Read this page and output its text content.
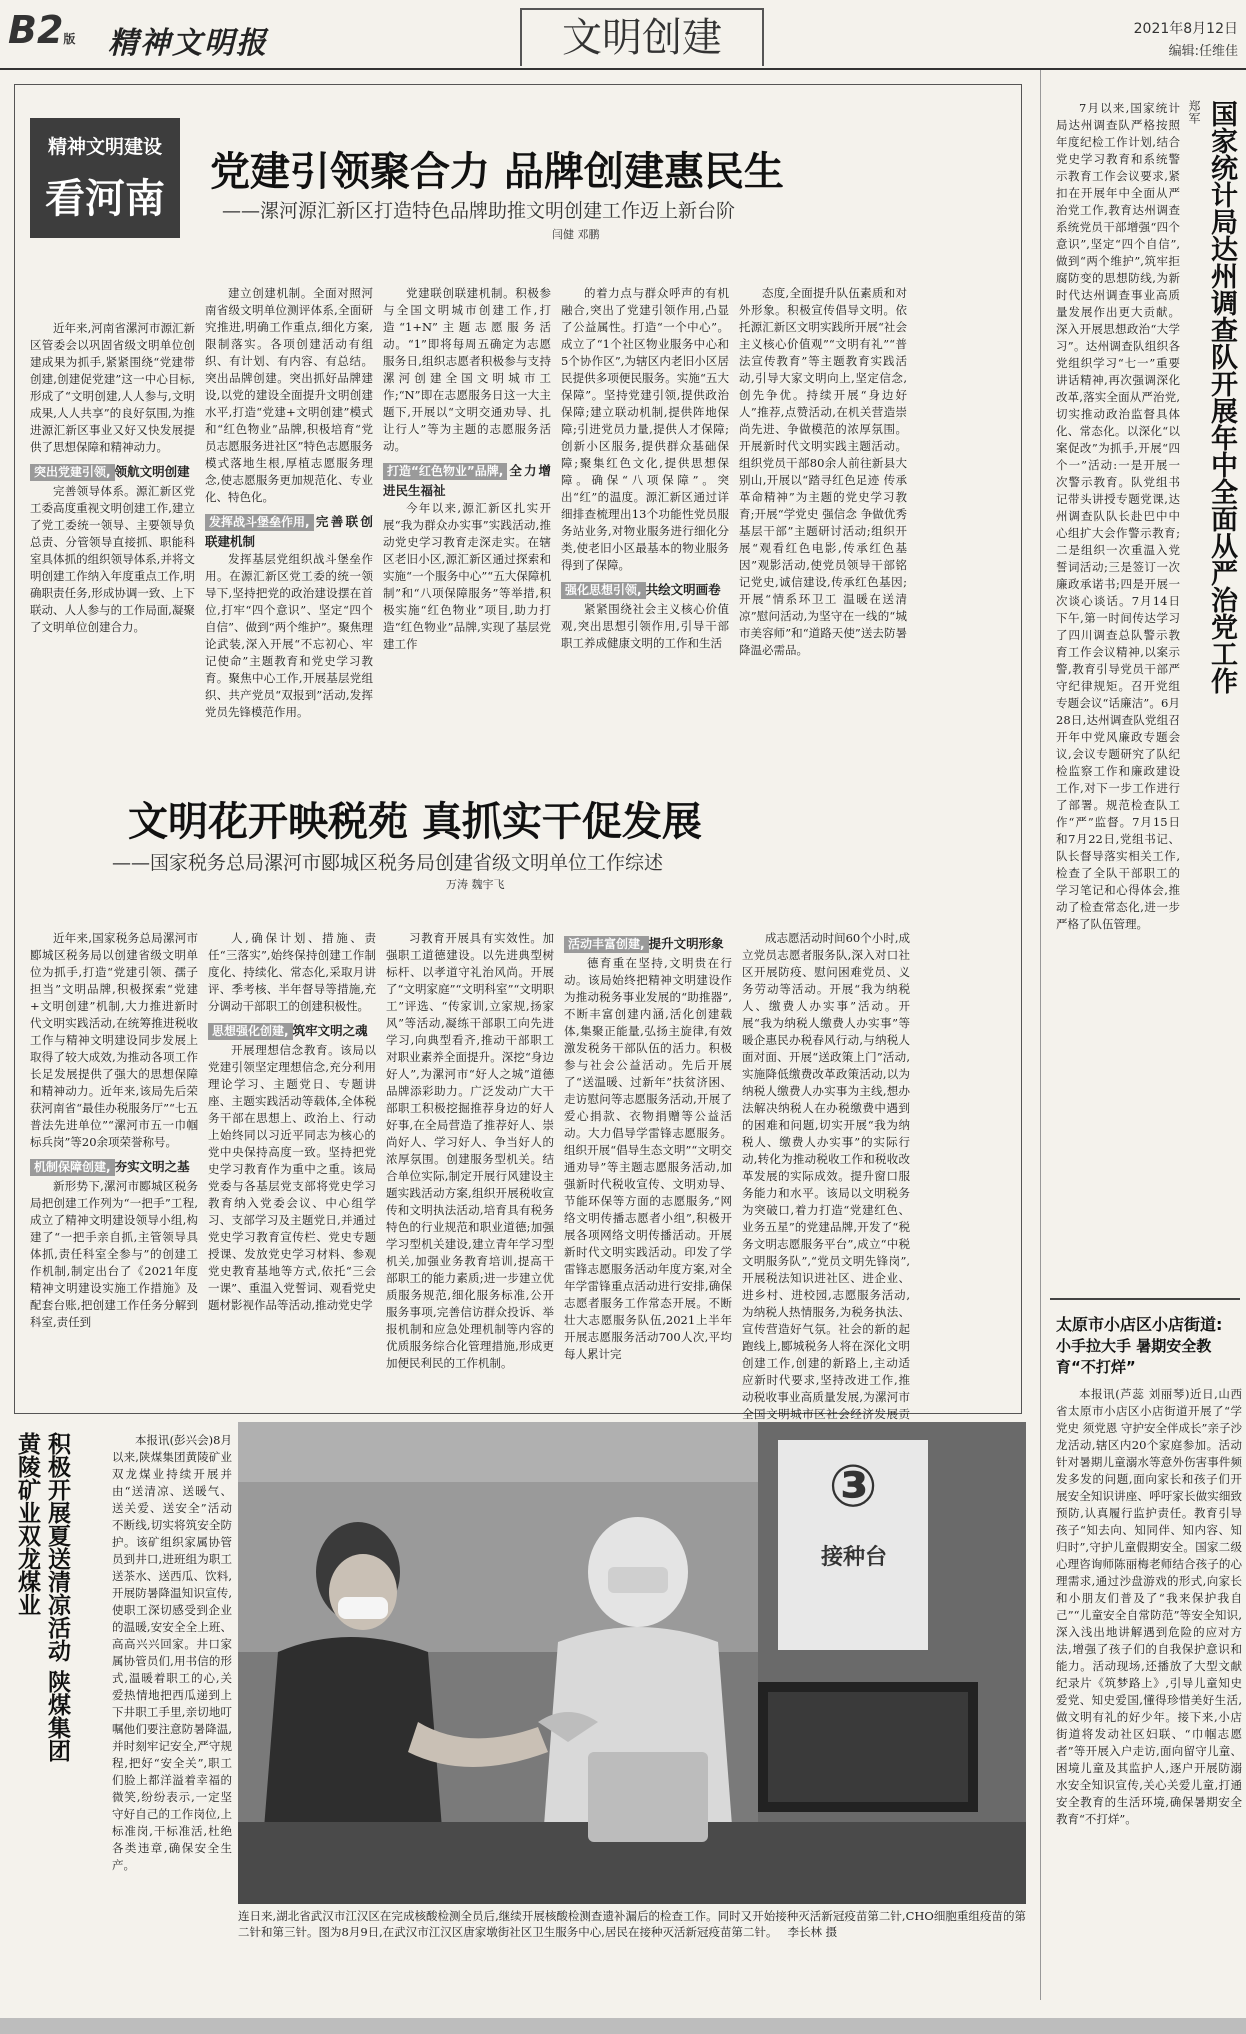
B2版 精神文明报	文明创建	2021年8月12日
编辑:任维佳
精神文明建设
看河南
党建引领聚合力 品牌创建惠民生
——漯河源汇新区打造特色品牌助推文明创建工作迈上新台阶
闫健 邓鹏

近年来,河南省漯河市源汇新区管委会以巩固省级文明单位创建成果为抓手,紧紧围绕“党建带创建,创建促党建”这一中心目标,形成了“文明创建,人人参与,文明成果,人人共享”的良好氛围,为推进源汇新区事业又好又快发展提供了思想保障和精神动力。

突出党建引领, 领航文明创建

完善领导体系。源汇新区党工委高度重视文明创建工作,建立了党工委统一领导、主要领导负总责、分管领导直接抓、职能科室具体抓的组织领导体系,并将文明创建工作纳入年度重点工作,明确职责任务,形成协调一致、上下联动、人人参与的工作局面,凝聚了文明单位创建合力。

建立创建机制。全面对照河南省级文明单位测评体系,全面研究推进,明确工作重点,细化方案,限制落实。各项创建活动有组织、有计划、有内容、有总结。突出品牌创建。突出抓好品牌建设,以党的建设全面提升文明创建水平,打造“党建+文明创建”模式和“红色物业”品牌,积极培育“党员志愿服务进社区”特色志愿服务模式落地生根,厚植志愿服务理念,使志愿服务更加规范化、专业化、特色化。

发挥战斗堡垒作用, 完善联创联建机制

发挥基层党组织战斗堡垒作用。在源汇新区党工委的统一领导下,坚持把党的政治建设摆在首位,打牢“四个意识”、坚定“四个自信”、做到“两个维护”。聚焦理论武装,深入开展“不忘初心、牢记使命”主题教育和党史学习教育。聚焦中心工作,开展基层党组织、共产党员“双报到”活动,发挥党员先锋模范作用。

党建联创联建机制。积极参与全国文明城市创建工作,打造“1+N”主题志愿服务活动。“1”即将每周五确定为志愿服务日,组织志愿者积极参与支持漯河创建全国文明城市工作;“N”即在志愿服务日这一大主题下,开展以“文明交通劝导、扎让行人”等为主题的志愿服务活动。

打造“红色物业”品牌, 全力增进民生福祉

今年以来,源汇新区扎实开展“我为群众办实事”实践活动,推动党史学习教育走深走实。在辖区老旧小区,源汇新区通过探索和实施“一个服务中心”“五大保障机制”和“八项保障服务”等举措,积极实施“红色物业”项目,助力打造“红色物业”品牌,实现了基层党建工作

的着力点与群众呼声的有机融合,突出了党建引领作用,凸显了公益属性。打造“一个中心”。成立了“1个社区物业服务中心和5个协作区”,为辖区内老旧小区居民提供多项便民服务。实施“五大保障”。坚持党建引领,提供政治保障;建立联动机制,提供阵地保障;引进党员力量,提供人才保障;创新小区服务,提供群众基础保障;聚集红色文化,提供思想保障。确保“八项保障”。突出“红”的温度。源汇新区通过详细排查梳理出13个功能性党员服务站业务,对物业服务进行细化分类,使老旧小区最基本的物业服务得到了保障。

强化思想引领, 共绘文明画卷

紧紧围绕社会主义核心价值观,突出思想引领作用,引导干部职工养成健康文明的工作和生活

态度,全面提升队伍素质和对外形象。积极宣传倡导文明。依托源汇新区文明实践所开展“社会主义核心价值观”“文明有礼”“普法宣传教育”等主题教育实践活动,引导大家文明向上,坚定信念,创先争优。持续开展“身边好人”推荐,点赞活动,在机关营造崇尚先进、争做模范的浓厚氛围。开展新时代文明实践主题活动。组织党员干部80余人前往新县大别山,开展以“踏寻红色足迹 传承革命精神”为主题的党史学习教育;开展“学党史 强信念 争做优秀基层干部”主题研讨活动;组织开展“观看红色电影,传承红色基因”观影活动,使党员领导干部铭记党史,诚信建设,传承红色基因;开展“情系环卫工 温暖在送清凉”慰问活动,为坚守在一线的“城市美容师”和“道路天使”送去防暑降温必需品。

文明花开映税苑 真抓实干促发展
——国家税务总局漯河市郾城区税务局创建省级文明单位工作综述
万涛 魏宇飞

近年来,国家税务总局漯河市郾城区税务局以创建省级文明单位为抓手,打造“党建引领、孺子担当”文明品牌,积极探索“党建+文明创建”机制,大力推进新时代文明实践活动,在统筹推进税收工作与精神文明建设同步发展上取得了较大成效,为推动各项工作长足发展提供了强大的思想保障和精神动力。近年来,该局先后荣获河南省“最佳办税服务厅”“七五普法先进单位”“漯河市五一巾帼标兵岗”等20余项荣誉称号。

机制保障创建, 夯实文明之基

新形势下,漯河市郾城区税务局把创建工作列为“一把手”工程,成立了精神文明建设领导小组,构建了“一把手亲自抓,主管领导具体抓,责任科室全参与”的创建工作机制,制定出台了《2021年度精神文明建设实施工作措施》及配套台账,把创建工作任务分解到科室,责任到

人,确保计划、措施、责任“三落实”,始终保持创建工作制度化、持续化、常态化,采取月讲评、季考核、半年督导等措施,充分调动干部职工的创建积极性。

思想强化创建, 筑牢文明之魂

开展理想信念教育。该局以党建引领坚定理想信念,充分利用理论学习、主题党日、专题讲座、主题实践活动等载体,全体税务干部在思想上、政治上、行动上始终同以习近平同志为核心的党中央保持高度一致。坚持把党史学习教育作为重中之重。该局党委与各基层党支部将党史学习教育纳入党委会议、中心组学习、支部学习及主题党日,并通过党史学习教育宣传栏、党史专题授课、发放党史学习材料、参观党史教育基地等方式,依托“三会一课”、重温入党誓词、观看党史题材影视作品等活动,推动党史学

习教育开展具有实效性。加强职工道德建设。以先进典型树标杆、以孝道守礼治风尚。开展了“文明家庭”“文明科室”“文明职工”评选、“传家训,立家规,扬家风”等活动,凝练干部职工向先进学习,向典型看齐,推动干部职工对职业素养全面提升。深挖“身边好人”,为漯河市“好人之城”道德品牌添彩助力。广泛发动广大干部职工积极挖掘推荐身边的好人好事,在全局营造了推荐好人、崇尚好人、学习好人、争当好人的浓厚氛围。创建服务型机关。结合单位实际,制定开展行风建设主题实践活动方案,组织开展税收宣传和文明执法活动,培育具有税务特色的行业规范和职业道德;加强学习型机关建设,建立青年学习型机关,加强业务教育培训,提高干部职工的能力素质;进一步建立优质服务规范,细化服务标准,公开服务事项,完善信访群众投诉、举报机制和应急处理机制等内容的优质服务综合化管理措施,形成更加便民利民的工作机制。

活动丰富创建, 提升文明形象

德育重在坚持,文明贵在行动。该局始终把精神文明建设作为推动税务事业发展的“助推器”,不断丰富创建内涵,活化创建载体,集聚正能量,弘扬主旋律,有效激发税务干部队伍的活力。积极参与社会公益活动。先后开展了“送温暖、过新年”扶贫济困、走访慰问等志愿服务活动,开展了爱心捐款、衣物捐赠等公益活动。大力倡导学雷锋志愿服务。组织开展“倡导生态文明”“文明交通劝导”等主题志愿服务活动,加强新时代税收宣传、文明劝导、节能环保等方面的志愿服务,“网络文明传播志愿者小组”,积极开展各项网络文明传播活动。开展新时代文明实践活动。印发了学雷锋志愿服务活动年度方案,对全年学雷锋重点活动进行安排,确保志愿者服务工作常态开展。不断壮大志愿服务队伍,2021上半年开展志愿服务活动700人次,平均每人累计完

成志愿活动时间60个小时,成立党员志愿者服务队,深入对口社区开展防疫、慰问困难党员、义务劳动等活动。开展“我为纳税人、缴费人办实事”活动。开展“我为纳税人缴费人办实事”等暖企惠民办税春风行动,与纳税人面对面、开展“送政策上门”活动,实施降低缴费改革政策活动,以为纳税人缴费人办实事为主线,想办法解决纳税人在办税缴费中遇到的困难和问题,切实开展“我为纳税人、缴费人办实事”的实际行动,转化为推动税收工作和税收改革发展的实际成效。提升窗口服务能力和水平。该局以文明税务为突破口,着力打造“党建红色、业务五星”的党建品牌,开发了“税务文明志愿服务平台”,成立“中税文明服务队”,“党员文明先锋岗”,开展税法知识进社区、进企业、进乡村、进校园,志愿服务活动,为纳税人热情服务,为税务执法、宣传营造好气氛。社会的新的起跑线上,郾城税务人将在深化文明创建工作,创建的新路上,主动适应新时代要求,坚持改进工作,推动税收事业高质量发展,为漯河市全国文明城市区社会经济发展贡

国家统计局达州调查队开展年中全面从严治党工作
郑军

7月以来,国家统计局达州调查队严格按照年度纪检工作计划,结合党史学习教育和系统警示教育工作会议要求,紧扣在开展年中全面从严治党工作,教育达州调查系统党员干部增强“四个意识”,坚定“四个自信”,做到“两个维护”,筑牢拒腐防变的思想防线,为新时代达州调查事业高质量发展作出更大贡献。深入开展思想政治“大学习”。达州调查队组织各党组织学习“七一”重要讲话精神,再次强调深化改革,落实全面从严治党,切实推动政治监督具体化、常态化。以深化“以案促改”为抓手,开展“四个一”活动:一是开展一次警示教育。队党组书记带头讲授专题党课,达州调查队队长赴巴中中心组扩大会作警示教育;二是组织一次重温入党誓词活动;三是签订一次廉政承诺书;四是开展一次谈心谈话。7月14日下午,第一时间传达学习了四川调查总队警示教育工作会议精神,以案示警,教育引导党员干部严守纪律规矩。召开党组专题会议“话廉洁”。6月28日,达州调查队党组召开年中党风廉政专题会议,会议专题研究了队纪检监察工作和廉政建设工作,对下一步工作进行了部署。规范检查队工作“严”监督。7月15日和7月22日,党组书记、队长督导落实相关工作,检查了全队干部职工的学习笔记和心得体会,推动了检查常态化,进一步严格了队伍管理。

太原市小店区小店街道:
小手拉大手 暑期安全教育“不打烊”

本报讯(芦蕊 刘丽琴)近日,山西省太原市小店区小店街道开展了“学党史 须党恩 守护安全伴成长”亲子沙龙活动,辖区内20个家庭参加。活动针对暑期儿童溺水等意外伤害事件频发多发的问题,面向家长和孩子们开展安全知识讲座、呼吁家长做实细致预防,认真履行监护责任。教育引导孩子“知去向、知同伴、知内容、知归时”,守护儿童假期安全。国家二级心理咨询师陈丽梅老师结合孩子的心理需求,通过沙盘游戏的形式,向家长和小朋友们普及了“我来保护我自己”“儿童安全自常防范”等安全知识,深入浅出地讲解遇到危险的应对方法,增强了孩子们的自我保护意识和能力。活动现场,还播放了大型文献纪录片《筑梦路上》,引导儿童知史爱党、知史爱国,懂得珍惜美好生活,做文明有礼的好少年。接下来,小店街道将发动社区妇联、“巾帼志愿者”等开展入户走访,面向留守儿童、困境儿童及其监护人,逐户开展防溺水安全知识宣传,关心关爱儿童,打通安全教育的生活环境,确保暑期安全教育“不打烊”。

积极开展夏送清凉活动 陕煤集团黄陵矿业双龙煤业	本报讯(彭兴会)8月以来,陕煤集团黄陵矿业双龙煤业持续开展并由“送清凉、送暖气、送关爱、送安全”活动不断线,切实将筑安全防护。该矿组织家属协管员到井口,进班组为职工送茶水、送西瓜、饮料,开展防暑降温知识宣传,使职工深切感受到企业的温暖,安安全全上班、高高兴兴回家。井口家属协管员们,用书信的形式,温暖着职工的心,关爱热情地把西瓜递到上下井职工手里,亲切地叮嘱他们要注意防暑降温,并时刻牢记安全,严守规程,把好“安全关”,职工们脸上都洋溢着幸福的微笑,纷纷表示,一定坚守好自己的工作岗位,上标准岗,干标准活,杜绝各类违章,确保安全生产。

③
接种台
连日来,湖北省武汉市江汉区在完成核酸检测全员后,继续开展核酸检测查遗补漏后的检查工作。同时又开始接种灭活新冠疫苗第二针,CHO细胞重组疫苗的第二针和第三针。图为8月9日,在武汉市江汉区唐家墩街社区卫生服务中心,居民在接种灭活新冠疫苗第二针。 李长林 摄
